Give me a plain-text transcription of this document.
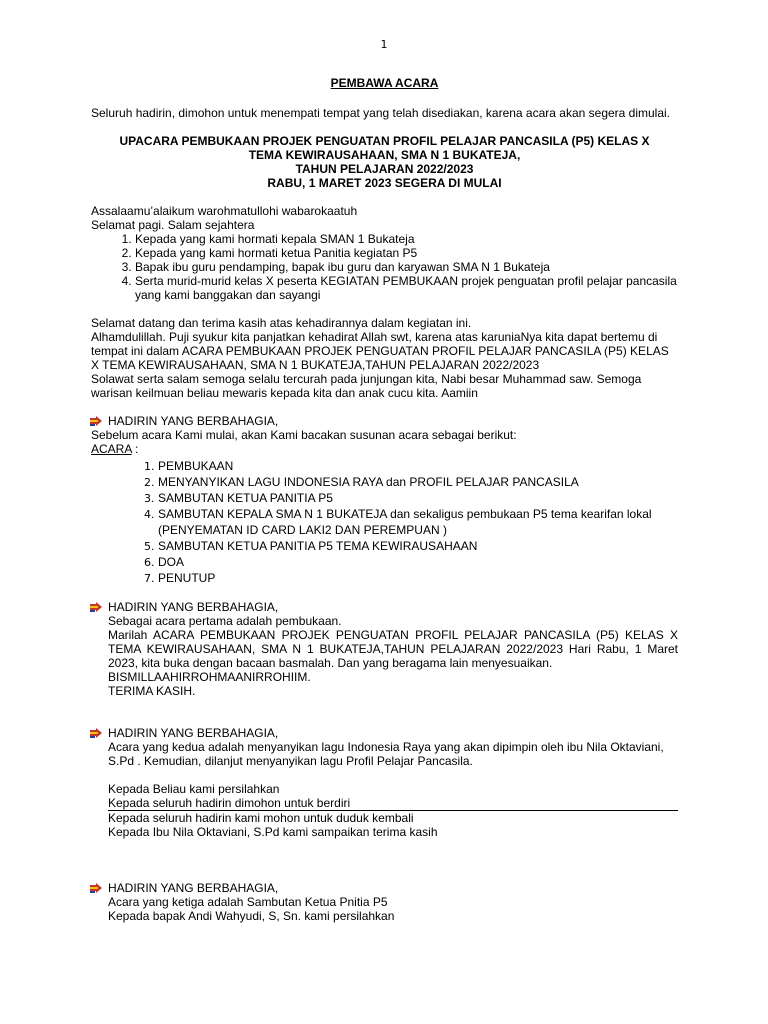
1
PEMBAWA ACARA

Seluruh hadirin, dimohon untuk menempati tempat yang telah disediakan, karena acara akan segera dimulai.

UPACARA PEMBUKAAN PROJEK PENGUATAN PROFIL PELAJAR PANCASILA (P5) KELAS X
TEMA KEWIRAUSAHAAN, SMA N 1 BUKATEJA,
TAHUN PELAJARAN 2022/2023
RABU, 1 MARET 2023 SEGERA DI MULAI
Assalaamu’alaikum warohmatullohi wabarokaatuh
Selamat pagi. Salam sejahtera
1. Kepada yang kami hormati kepala SMAN 1 Bukateja
2. Kepada yang kami hormati ketua Panitia kegiatan P5
3. Bapak ibu guru pendamping, bapak ibu guru dan karyawan SMA N 1 Bukateja
4. Serta murid-murid kelas X peserta KEGIATAN PEMBUKAAN projek penguatan profil pelajar pancasila yang kami banggakan dan sayangi
Selamat datang dan terima kasih atas kehadirannya dalam kegiatan ini.
Alhamdulillah. Puji syukur kita panjatkan kehadirat Allah swt, karena atas karuniaNya kita dapat bertemu di tempat ini dalam ACARA PEMBUKAAN PROJEK PENGUATAN PROFIL PELAJAR PANCASILA (P5) KELAS X TEMA KEWIRAUSAHAAN, SMA N 1 BUKATEJA,TAHUN PELAJARAN 2022/2023
Solawat serta salam semoga selalu tercurah pada junjungan kita, Nabi besar Muhammad saw. Semoga warisan keilmuan beliau mewaris kepada kita dan anak cucu kita. Aamiin
HADIRIN YANG BERBAHAGIA,
Sebelum acara Kami mulai, akan Kami bacakan susunan acara sebagai berikut:
ACARA :
1. PEMBUKAAN
2. MENYANYIKAN LAGU INDONESIA RAYA dan PROFIL PELAJAR PANCASILA
3. SAMBUTAN KETUA PANITIA P5
4. SAMBUTAN KEPALA SMA N 1 BUKATEJA dan sekaligus pembukaan P5 tema kearifan lokal (PENYEMATAN ID CARD LAKI2 DAN PEREMPUAN )
5. SAMBUTAN KETUA PANITIA P5 TEMA KEWIRAUSAHAAN
6. DOA
7. PENUTUP
HADIRIN YANG BERBAHAGIA,
Sebagai acara pertama adalah pembukaan.
Marilah ACARA PEMBUKAAN PROJEK PENGUATAN PROFIL PELAJAR PANCASILA (P5) KELAS X TEMA KEWIRAUSAHAAN, SMA N 1 BUKATEJA,TAHUN PELAJARAN 2022/2023 Hari Rabu, 1 Maret 2023, kita buka dengan bacaan basmalah. Dan yang beragama lain menyesuaikan.
BISMILLAAHIRROHMAANIRROHIIM.
TERIMA KASIH.
HADIRIN YANG BERBAHAGIA,
Acara yang kedua adalah menyanyikan lagu Indonesia Raya yang akan dipimpin oleh ibu Nila Oktaviani, S.Pd . Kemudian, dilanjut menyanyikan lagu Profil Pelajar Pancasila.
Kepada Beliau kami persilahkan
Kepada seluruh hadirin dimohon untuk berdiri
Kepada seluruh hadirin kami mohon untuk duduk kembali
Kepada Ibu Nila Oktaviani, S.Pd kami sampaikan terima kasih
HADIRIN YANG BERBAHAGIA,
Acara yang ketiga adalah Sambutan Ketua Pnitia P5
Kepada bapak Andi Wahyudi, S, Sn. kami persilahkan
